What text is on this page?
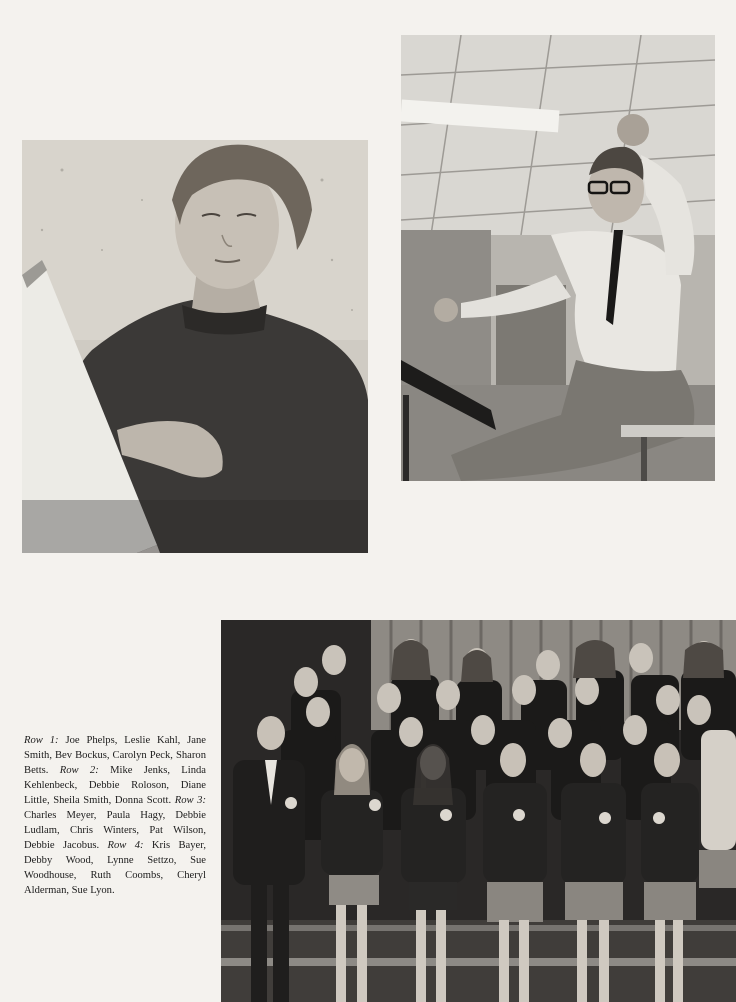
Row 1: Joe Phelps, Leslie Kahl, Jane Smith, Bev Bockus, Carolyn Peck, Sharon Betts. Row 2: Mike Jenks, Linda Kehlenbeck, Debbie Roloson, Diane Little, Sheila Smith, Donna Scott. Row 3: Charles Meyer, Paula Hagy, Debbie Ludlam, Chris Winters, Pat Wilson, Debbie Jacobus. Row 4: Kris Bayer, Debby Wood, Lynne Settzo, Sue Woodhouse, Ruth Coombs, Cheryl Alderman, Sue Lyon.
